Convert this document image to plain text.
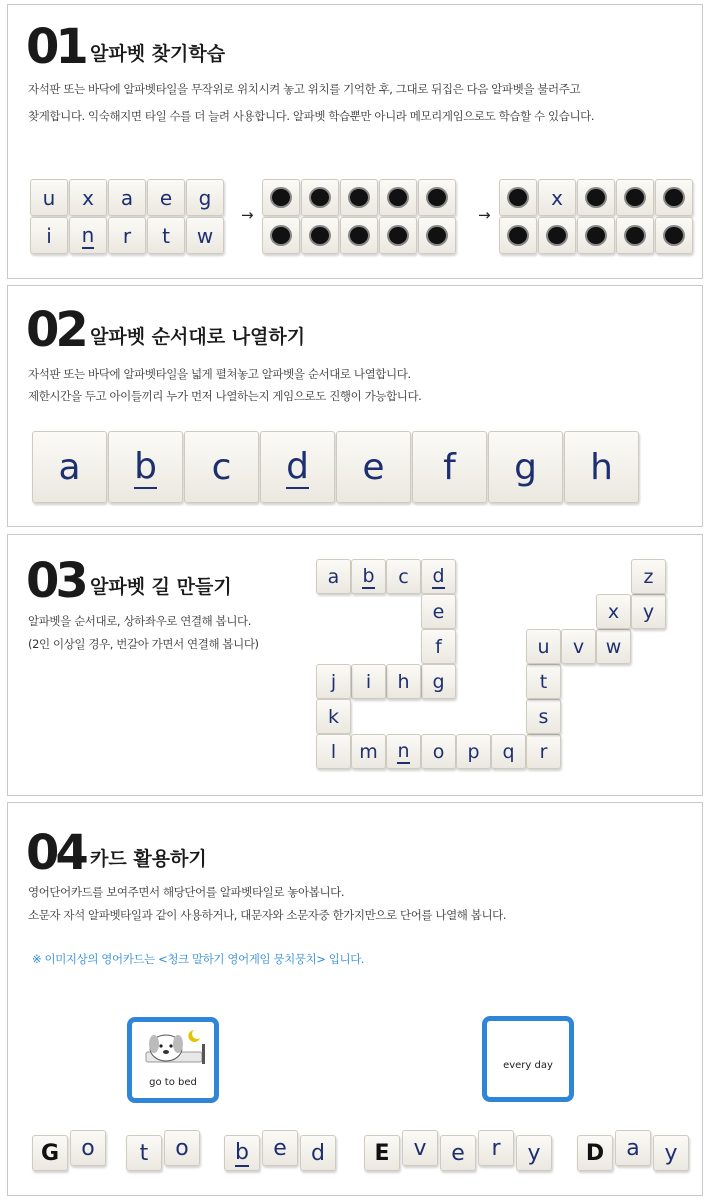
01 알파벳 찾기학습
자석판 또는 바닥에 알파벳타일을 무작위로 위치시켜 놓고 위치를 기억한 후, 그대로 뒤집은 다음 알파벳을 불러주고
찾게합니다. 익숙해지면 타일 수를 더 늘려 사용합니다. 알파벳 학습뿐만 아니라 메모리게임으로도 학습할 수 있습니다.
u x a e g
i n r t w
x
→	→
02 알파벳 순서대로 나열하기
자석판 또는 바닥에 알파벳타일을 넓게 펼쳐놓고 알파벳을 순서대로 나열합니다.
제한시간을 두고 아이들끼리 누가 먼저 나열하는지 게임으로도 진행이 가능합니다.
a b c d e f g h
03 알파벳 길 만들기
알파벳을 순서대로, 상하좌우로 연결해 봅니다.
(2인 이상일 경우, 번갈아 가면서 연결해 봅니다)
a b c d
e
f
g
h
i
j
k
l m n o p q r
s
t
u v w
x y
z
04 카드 활용하기
영어단어카드를 보여주면서 해당단어를 알파벳타일로 놓아봅니다.
소문자 자석 알파벳타일과 같이 사용하거나, 대문자와 소문자중 한가지만으로 단어를 나열해 봅니다.
※ 이미지상의 영어카드는 <청크 말하기 영어게임 뭉치뭉치> 입니다.
go to bed
every day
G o t o b e d E v e r y D a y
